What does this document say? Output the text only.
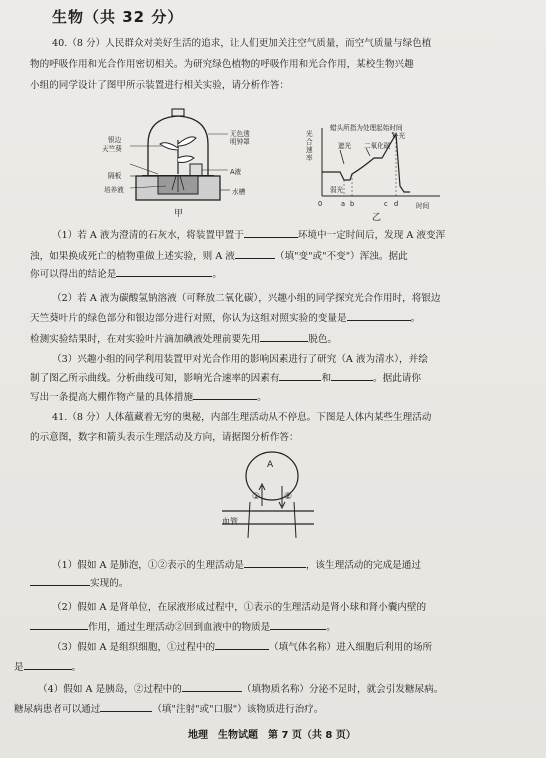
生物（共 32 分）
40.（8 分）人民群众对美好生活的追求，让人们更加关注空气质量，而空气质量与绿色植
物的呼吸作用和光合作用密切相关。为研究绿色植物的呼吸作用和光合作用，某校生物兴趣
小组的同学设计了图甲所示装置进行相关实验，请分析作答：
银边
天竺葵
隔板
培养液
无色透明钟罩
A液
水槽
甲
蜡头所指为处理起始时间
光合速率
遮光 二氧化碳
补光
弱光
0	a b	c d	时间
乙
（1）若 A 液为澄清的石灰水，将装置甲置于	环境中一定时间后，发现 A 液变浑
浊，如果换成死亡的植物重做上述实验，则 A 液	（填"变"或"不变"）浑浊。据此
你可以得出的结论是	。
（2）若 A 液为碳酸氢钠溶液（可释放二氧化碳），兴趣小组的同学探究光合作用时，将银边
天竺葵叶片的绿色部分和银边部分进行对照，你认为这组对照实验的变量是	。
检测实验结果时，在对实验叶片滴加碘液处理前要先用	脱色。
（3）兴趣小组的同学利用装置甲对光合作用的影响因素进行了研究（A 液为清水），并绘
制了图乙所示曲线。分析曲线可知，影响光合速率的因素有	和	。据此请你
写出一条提高大棚作物产量的具体措施	。
41.（8 分）人体蕴藏着无穷的奥秘，内部生理活动从不停息。下图是人体内某些生理活动
的示意图，数字和箭头表示生理活动及方向，请据图分析作答：
A
①	②
血管
（1）假如 A 是肺泡，①②表示的生理活动是	，该生理活动的完成是通过
实现的。
（2）假如 A 是肾单位，在尿液形成过程中，①表示的生理活动是肾小球和肾小囊内壁的
作用，通过生理活动②回到血液中的物质是	。
（3）假如 A 是组织细胞，①过程中的	（填气体名称）进入细胞后利用的场所
是	。
（4）假如 A 是胰岛，②过程中的	（填物质名称）分泌不足时，就会引发糖尿病。
糖尿病患者可以通过	（填"注射"或"口服"）该物质进行治疗。
地理　生物试题　第 7 页（共 8 页）
